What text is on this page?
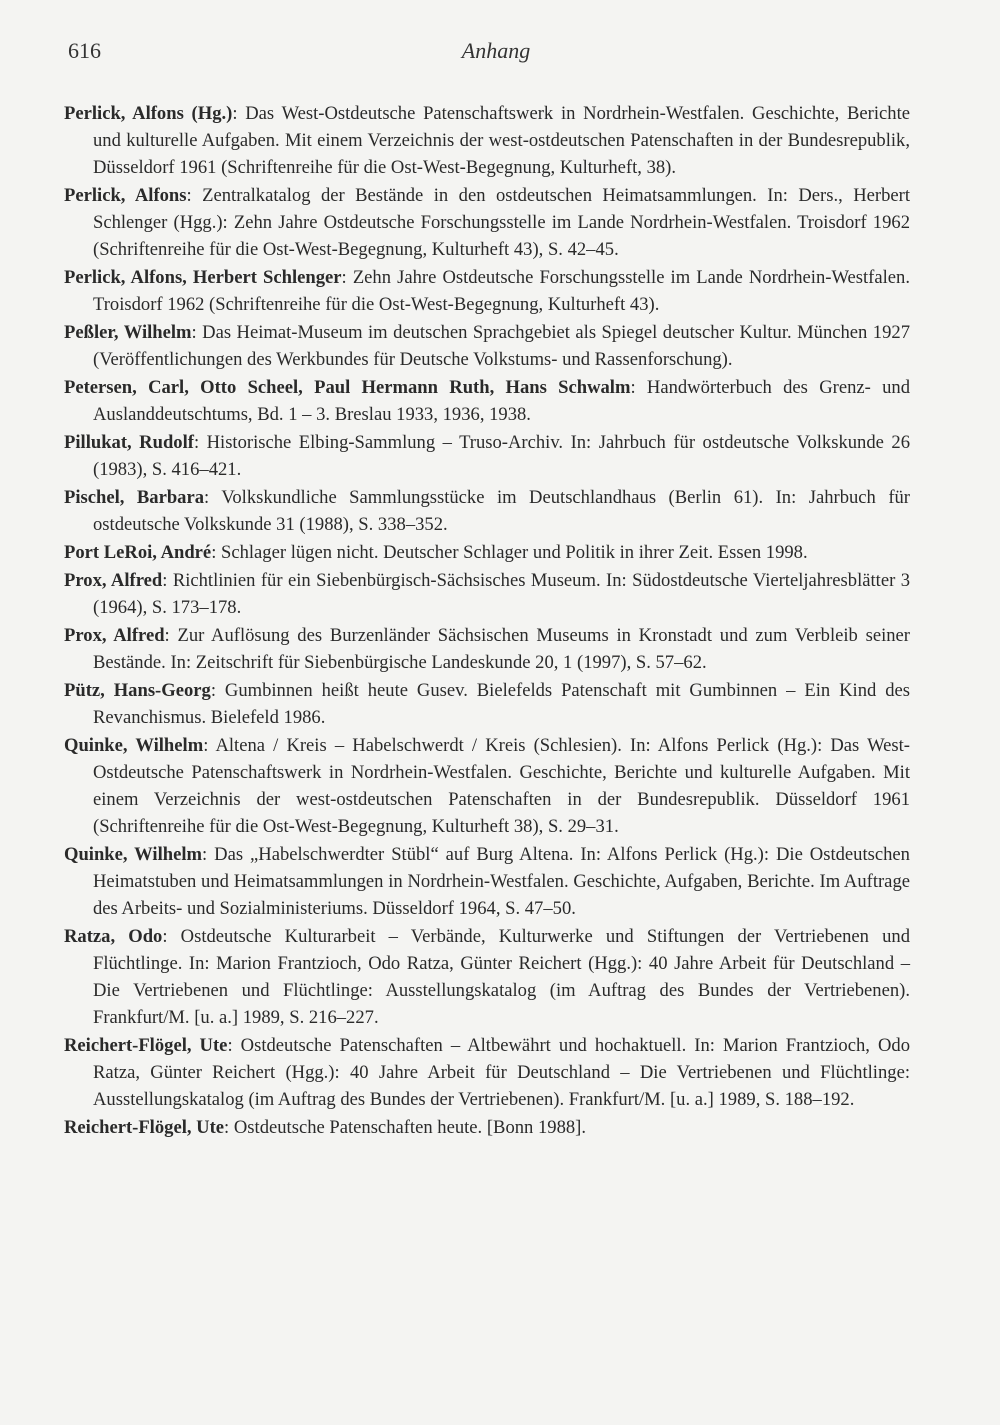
616	Anhang
Perlick, Alfons (Hg.): Das West-Ostdeutsche Patenschaftswerk in Nordrhein-Westfalen. Geschichte, Berichte und kulturelle Aufgaben. Mit einem Verzeichnis der west-ostdeutschen Patenschaften in der Bundesrepublik, Düsseldorf 1961 (Schriftenreihe für die Ost-West-Begegnung, Kulturheft, 38).
Perlick, Alfons: Zentralkatalog der Bestände in den ostdeutschen Heimatsammlungen. In: Ders., Herbert Schlenger (Hgg.): Zehn Jahre Ostdeutsche Forschungsstelle im Lande Nordrhein-Westfalen. Troisdorf 1962 (Schriftenreihe für die Ost-West-Begegnung, Kulturheft 43), S. 42–45.
Perlick, Alfons, Herbert Schlenger: Zehn Jahre Ostdeutsche Forschungsstelle im Lande Nordrhein-Westfalen. Troisdorf 1962 (Schriftenreihe für die Ost-West-Begegnung, Kulturheft 43).
Peßler, Wilhelm: Das Heimat-Museum im deutschen Sprachgebiet als Spiegel deutscher Kultur. München 1927 (Veröffentlichungen des Werkbundes für Deutsche Volkstums- und Rassenforschung).
Petersen, Carl, Otto Scheel, Paul Hermann Ruth, Hans Schwalm: Handwörterbuch des Grenz- und Auslanddeutschtums, Bd. 1 – 3. Breslau 1933, 1936, 1938.
Pillukat, Rudolf: Historische Elbing-Sammlung – Truso-Archiv. In: Jahrbuch für ostdeutsche Volkskunde 26 (1983), S. 416–421.
Pischel, Barbara: Volkskundliche Sammlungsstücke im Deutschlandhaus (Berlin 61). In: Jahrbuch für ostdeutsche Volkskunde 31 (1988), S. 338–352.
Port LeRoi, André: Schlager lügen nicht. Deutscher Schlager und Politik in ihrer Zeit. Essen 1998.
Prox, Alfred: Richtlinien für ein Siebenbürgisch-Sächsisches Museum. In: Südostdeutsche Vierteljahresblätter 3 (1964), S. 173–178.
Prox, Alfred: Zur Auflösung des Burzenländer Sächsischen Museums in Kronstadt und zum Verbleib seiner Bestände. In: Zeitschrift für Siebenbürgische Landeskunde 20, 1 (1997), S. 57–62.
Pütz, Hans-Georg: Gumbinnen heißt heute Gusev. Bielefelds Patenschaft mit Gumbinnen – Ein Kind des Revanchismus. Bielefeld 1986.
Quinke, Wilhelm: Altena / Kreis – Habelschwerdt / Kreis (Schlesien). In: Alfons Perlick (Hg.): Das West-Ostdeutsche Patenschaftswerk in Nordrhein-Westfalen. Geschichte, Berichte und kulturelle Aufgaben. Mit einem Verzeichnis der west-ostdeutschen Patenschaften in der Bundesrepublik. Düsseldorf 1961 (Schriftenreihe für die Ost-West-Begegnung, Kulturheft 38), S. 29–31.
Quinke, Wilhelm: Das „Habelschwerdter Stübl“ auf Burg Altena. In: Alfons Perlick (Hg.): Die Ostdeutschen Heimatstuben und Heimatsammlungen in Nordrhein-Westfalen. Geschichte, Aufgaben, Berichte. Im Auftrage des Arbeits- und Sozialministeriums. Düsseldorf 1964, S. 47–50.
Ratza, Odo: Ostdeutsche Kulturarbeit – Verbände, Kulturwerke und Stiftungen der Vertriebenen und Flüchtlinge. In: Marion Frantzioch, Odo Ratza, Günter Reichert (Hgg.): 40 Jahre Arbeit für Deutschland – Die Vertriebenen und Flüchtlinge: Ausstellungskatalog (im Auftrag des Bundes der Vertriebenen). Frankfurt/M. [u. a.] 1989, S. 216–227.
Reichert-Flögel, Ute: Ostdeutsche Patenschaften – Altbewährt und hochaktuell. In: Marion Frantzioch, Odo Ratza, Günter Reichert (Hgg.): 40 Jahre Arbeit für Deutschland – Die Vertriebenen und Flüchtlinge: Ausstellungskatalog (im Auftrag des Bundes der Vertriebenen). Frankfurt/M. [u. a.] 1989, S. 188–192.
Reichert-Flögel, Ute: Ostdeutsche Patenschaften heute. [Bonn 1988].
